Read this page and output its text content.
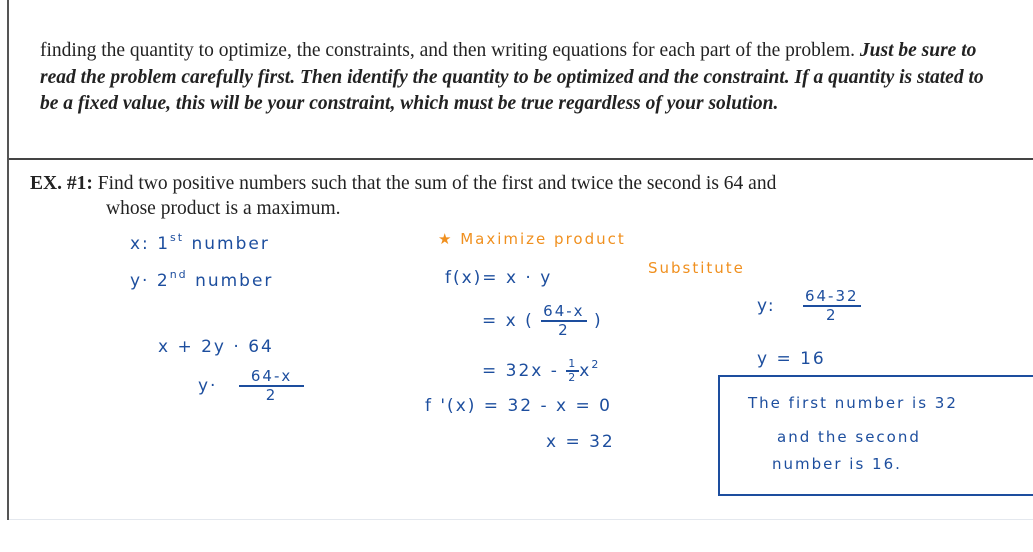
finding the quantity to optimize, the constraints, and then writing equations for each part of the problem. Just be sure to read the problem carefully first. Then identify the quantity to be optimized and the constraint. If a quantity is stated to be a fixed value, this will be your constraint, which must be true regardless of your solution.
EX. #1: Find two positive numbers such that the sum of the first and twice the second is 64 and
whose product is a maximum.
x: 1st number
y· 2nd number
x + 2y · 64
$y\cdot \frac{64-x}{2}$
★ Maximize product
Substitute
f(x)= x · y
= x ( $\frac{64-x}{2}$ )
= $32x - \frac{1}{2} x^2$
f '(x) = 32 - x = 0
x = 32
y: $\frac{64-32}{2}$
y = 16
The first number is 32
and the second
number is 16.
